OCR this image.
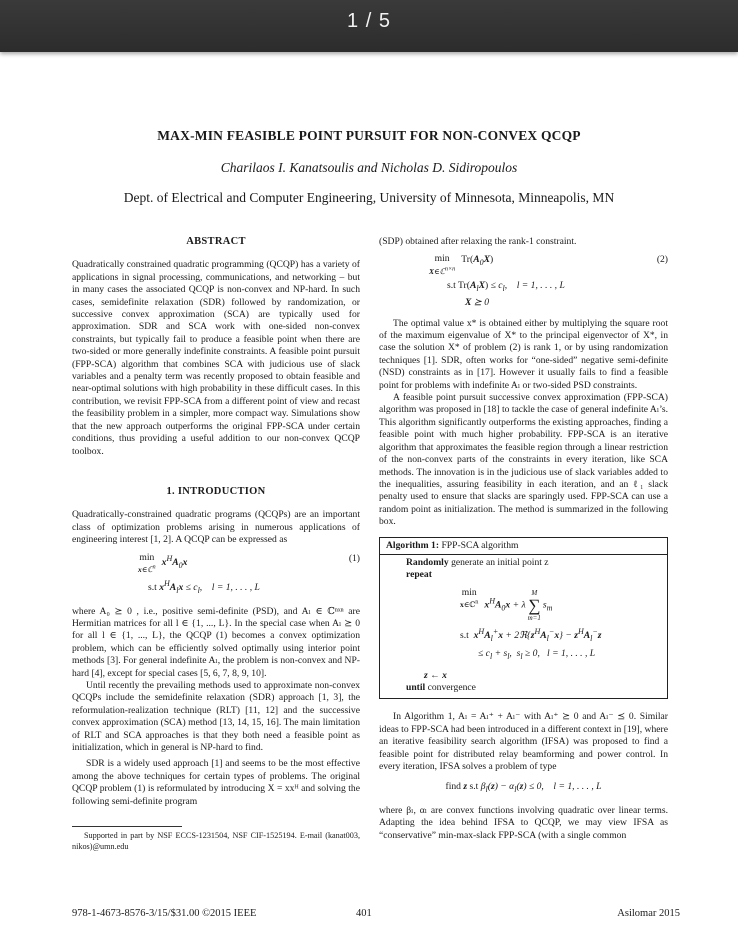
1 / 5
MAX-MIN FEASIBLE POINT PURSUIT FOR NON-CONVEX QCQP
Charilaos I. Kanatsoulis and Nicholas D. Sidiropoulos
Dept. of Electrical and Computer Engineering, University of Minnesota, Minneapolis, MN
ABSTRACT

Quadratically constrained quadratic programming (QCQP) has a variety of applications in signal processing, communications, and networking – but in many cases the associated QCQP is non-convex and NP-hard. In such cases, semidefinite relaxation (SDR) followed by randomization, or successive convex approximation (SCA) are typically used for approximation. SDR and SCA work with one-sided non-convex constraints, but typically fail to produce a feasible point when there are two-sided or more generally indefinite constraints. A feasible point pursuit (FPP-SCA) algorithm that combines SCA with judicious use of slack variables and a penalty term was recently proposed to obtain feasible and near-optimal solutions with high probability in these difficult cases. In this contribution, we revisit FPP-SCA from a different point of view and recast the feasibility problem in a simpler, more compact way. Simulations show that the new approach outperforms the original FPP-SCA under certain conditions, thus providing a useful addition to our non-convex QCQP toolbox.

1. INTRODUCTION

Quadratically-constrained quadratic programs (QCQPs) are an important class of optimization problems arising in numerous applications of engineering interest [1, 2]. A QCQP can be expressed as

min
x∈ℂ$^n$ $x^HA_0x$
s.t $x^HA_lx \le c_l$,    l = 1, . . . , L
(1)

where A₀ ⪰ 0 , i.e., positive semi-definite (PSD), and Aₗ ∈ ℂⁿˣⁿ are Hermitian matrices for all l ∈ {1, ..., L}. In the special case when Aₗ ⪰ 0 for all l ∈ {1, ..., L}, the QCQP (1) becomes a convex optimization problem, which can be efficiently solved optimally using interior point methods [3]. For general indefinite Aₗ, the problem is non-convex and NP-hard [4], except for special cases [5, 6, 7, 8, 9, 10].

Until recently the prevailing methods used to approximate non-convex QCQPs include the semidefinite relaxation (SDR) approach [1, 3], the reformulation-realization technique (RLT) [11, 12] and the successive convex approximation (SCA) method [13, 14, 15, 16]. The main limitation of RLT and SCA approaches is that they both need a feasible point as initialization, which in general is NP-hard to find.

SDR is a widely used approach [1] and seems to be the most effective among the above techniques for certain types of problems. The original QCQP problem (1) is reformulated by introducing X = xxᴴ and solving the following semi-definite program

Supported in part by NSF ECCS-1231504, NSF CIF-1525194. E-mail (kanat003, nikos)@umn.edu

(SDP) obtained after relaxing the rank-1 constraint.

min
$X\in ℂ^{n\times n}Tr(A_0X)$
s.t $Tr(A_lX) \le c_l$,    l = 1, . . . , L
X ⪰ 0
(2)

The optimal value x* is obtained either by multiplying the square root of the maximum eigenvalue of X* to the principal eigenvector of X*, in case the solution X* of problem (2) is rank 1, or by using randomization techniques [1]. SDR, often works for “one-sided” negative semi-definite (NSD) constraints as in [17]. However it usually fails to find a feasible point for problems with indefinite Aₗ or two-sided PSD constraints.

A feasible point pursuit successive convex approximation (FPP-SCA) algorithm was proposed in [18] to tackle the case of general indefinite Aₗ’s. This algorithm significantly outperforms the existing approaches, finding a feasible point with much higher probability. FPP-SCA is an iterative algorithm that approximates the feasible region through a linear restriction of the non-convex parts of the constraints in every iteration, like SCA methods. The innovation is in the judicious use of slack variables added to the inequalities, assuring feasibility in each iteration, and an ℓ₁ slack penalty used to ensure that slacks are sparingly used. FPP-SCA can use a random point as initialization. The method is summarized in the following box.

Algorithm 1: FPP-SCA algorithm
Randomly generate an initial point z
repeat
min
x∈ℂ$^n$ $x^HA_0x + \lambda M$
∑
$m=1s_m$
s.t $x^HA_l^+x$ + $2ℜ\{z^HA_l^-x\} - z^HA_l^-z$
≤ $c_l + s_l$,  $s_l \ge 0$,   l = 1, . . . , L
z ← x
until convergence

In Algorithm 1, Aₗ = Aₗ⁺ + Aₗ⁻ with Aₗ⁺ ⪰ 0 and Aₗ⁻ ⪯ 0. Similar ideas to FPP-SCA had been introduced in a different context in [19], where an iterative feasibility search algorithm (IFSA) was proposed to find a feasible point for distributed relay beamforming and power control. In every iteration, IFSA solves a problem of type

find z s.t $\beta_l(z) - \alpha_l(z) \le 0$,    l = 1, . . . , L

where βₗ, αₗ are convex functions involving quadratic over linear terms. Adapting the idea behind IFSA to QCQP, we may view IFSA as “conservative” min-max-slack FPP-SCA (with a single common

978-1-4673-8576-3/15/$31.00 ©2015 IEEE	401	Asilomar 2015
